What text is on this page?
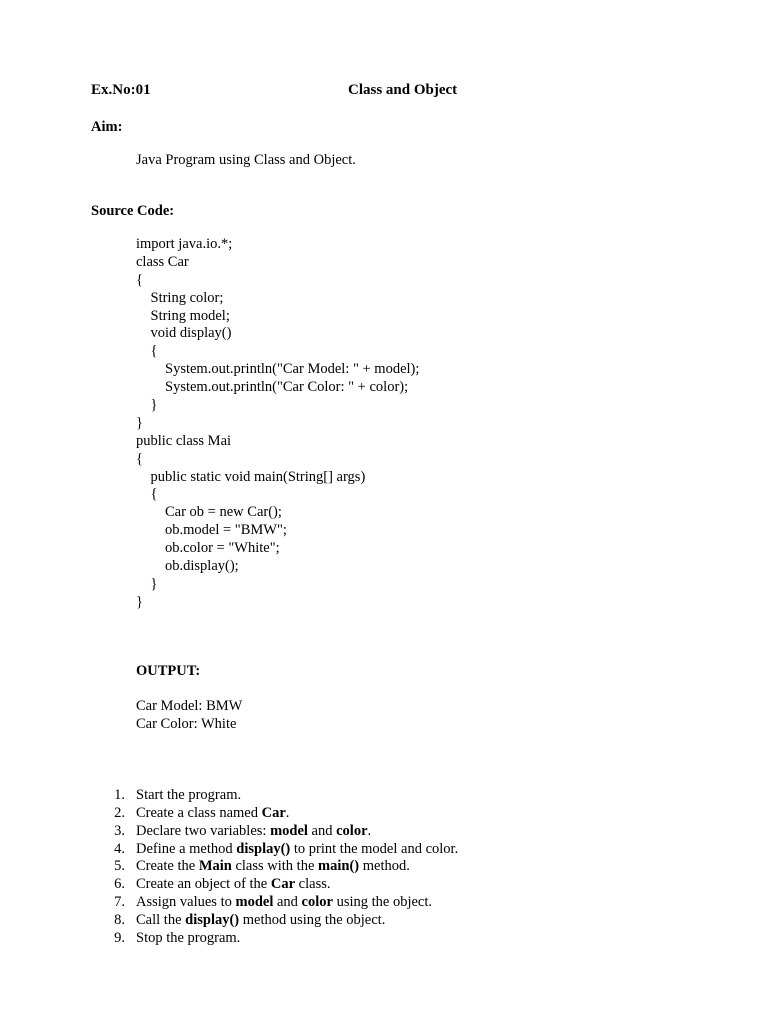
Ex.No:01	Class and Object
Aim:
Java Program using Class and Object.
Source Code:
import java.io.*;
class Car
{
String color;
String model;
void display()
{
System.out.println("Car Model: " + model);
System.out.println("Car Color: " + color);
}
}
public class Mai
{
public static void main(String[] args)
{
Car ob = new Car();
ob.model = "BMW";
ob.color = "White";
ob.display();
}
}
OUTPUT:
Car Model: BMW
Car Color: White
1. Start the program.
2. Create a class named Car.
3. Declare two variables: model and color.
4. Define a method display() to print the model and color.
5. Create the Main class with the main() method.
6. Create an object of the Car class.
7. Assign values to model and color using the object.
8. Call the display() method using the object.
9. Stop the program.
